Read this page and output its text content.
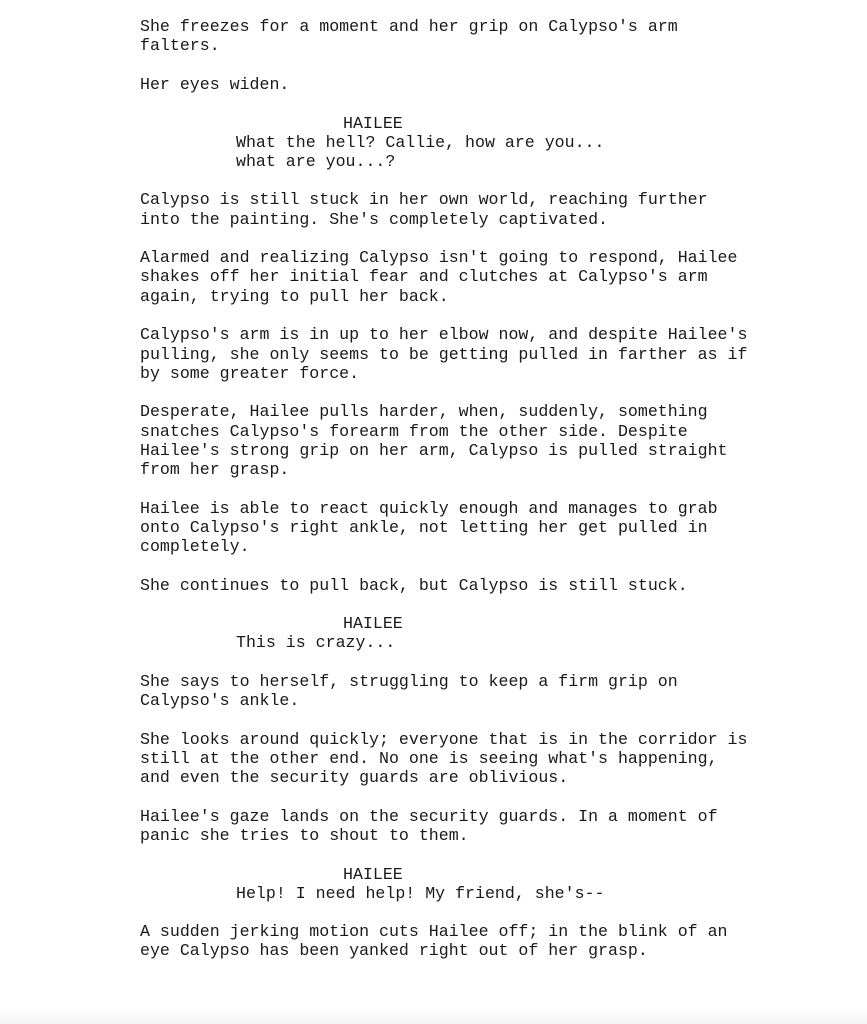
She freezes for a moment and her grip on Calypso's arm

falters.

Her eyes widen.

HAILEE

What the hell? Callie, how are you...

what are you...?

Calypso is still stuck in her own world, reaching further

into the painting. She's completely captivated.

Alarmed and realizing Calypso isn't going to respond, Hailee

shakes off her initial fear and clutches at Calypso's arm

again, trying to pull her back.

Calypso's arm is in up to her elbow now, and despite Hailee's

pulling, she only seems to be getting pulled in farther as if

by some greater force.

Desperate, Hailee pulls harder, when, suddenly, something

snatches Calypso's forearm from the other side. Despite

Hailee's strong grip on her arm, Calypso is pulled straight

from her grasp.

Hailee is able to react quickly enough and manages to grab

onto Calypso's right ankle, not letting her get pulled in

completely.

She continues to pull back, but Calypso is still stuck.

HAILEE

This is crazy...

She says to herself, struggling to keep a firm grip on

Calypso's ankle.

She looks around quickly; everyone that is in the corridor is

still at the other end. No one is seeing what's happening,

and even the security guards are oblivious.

Hailee's gaze lands on the security guards. In a moment of

panic she tries to shout to them.

HAILEE

Help! I need help! My friend, she's--

A sudden jerking motion cuts Hailee off; in the blink of an

eye Calypso has been yanked right out of her grasp.
